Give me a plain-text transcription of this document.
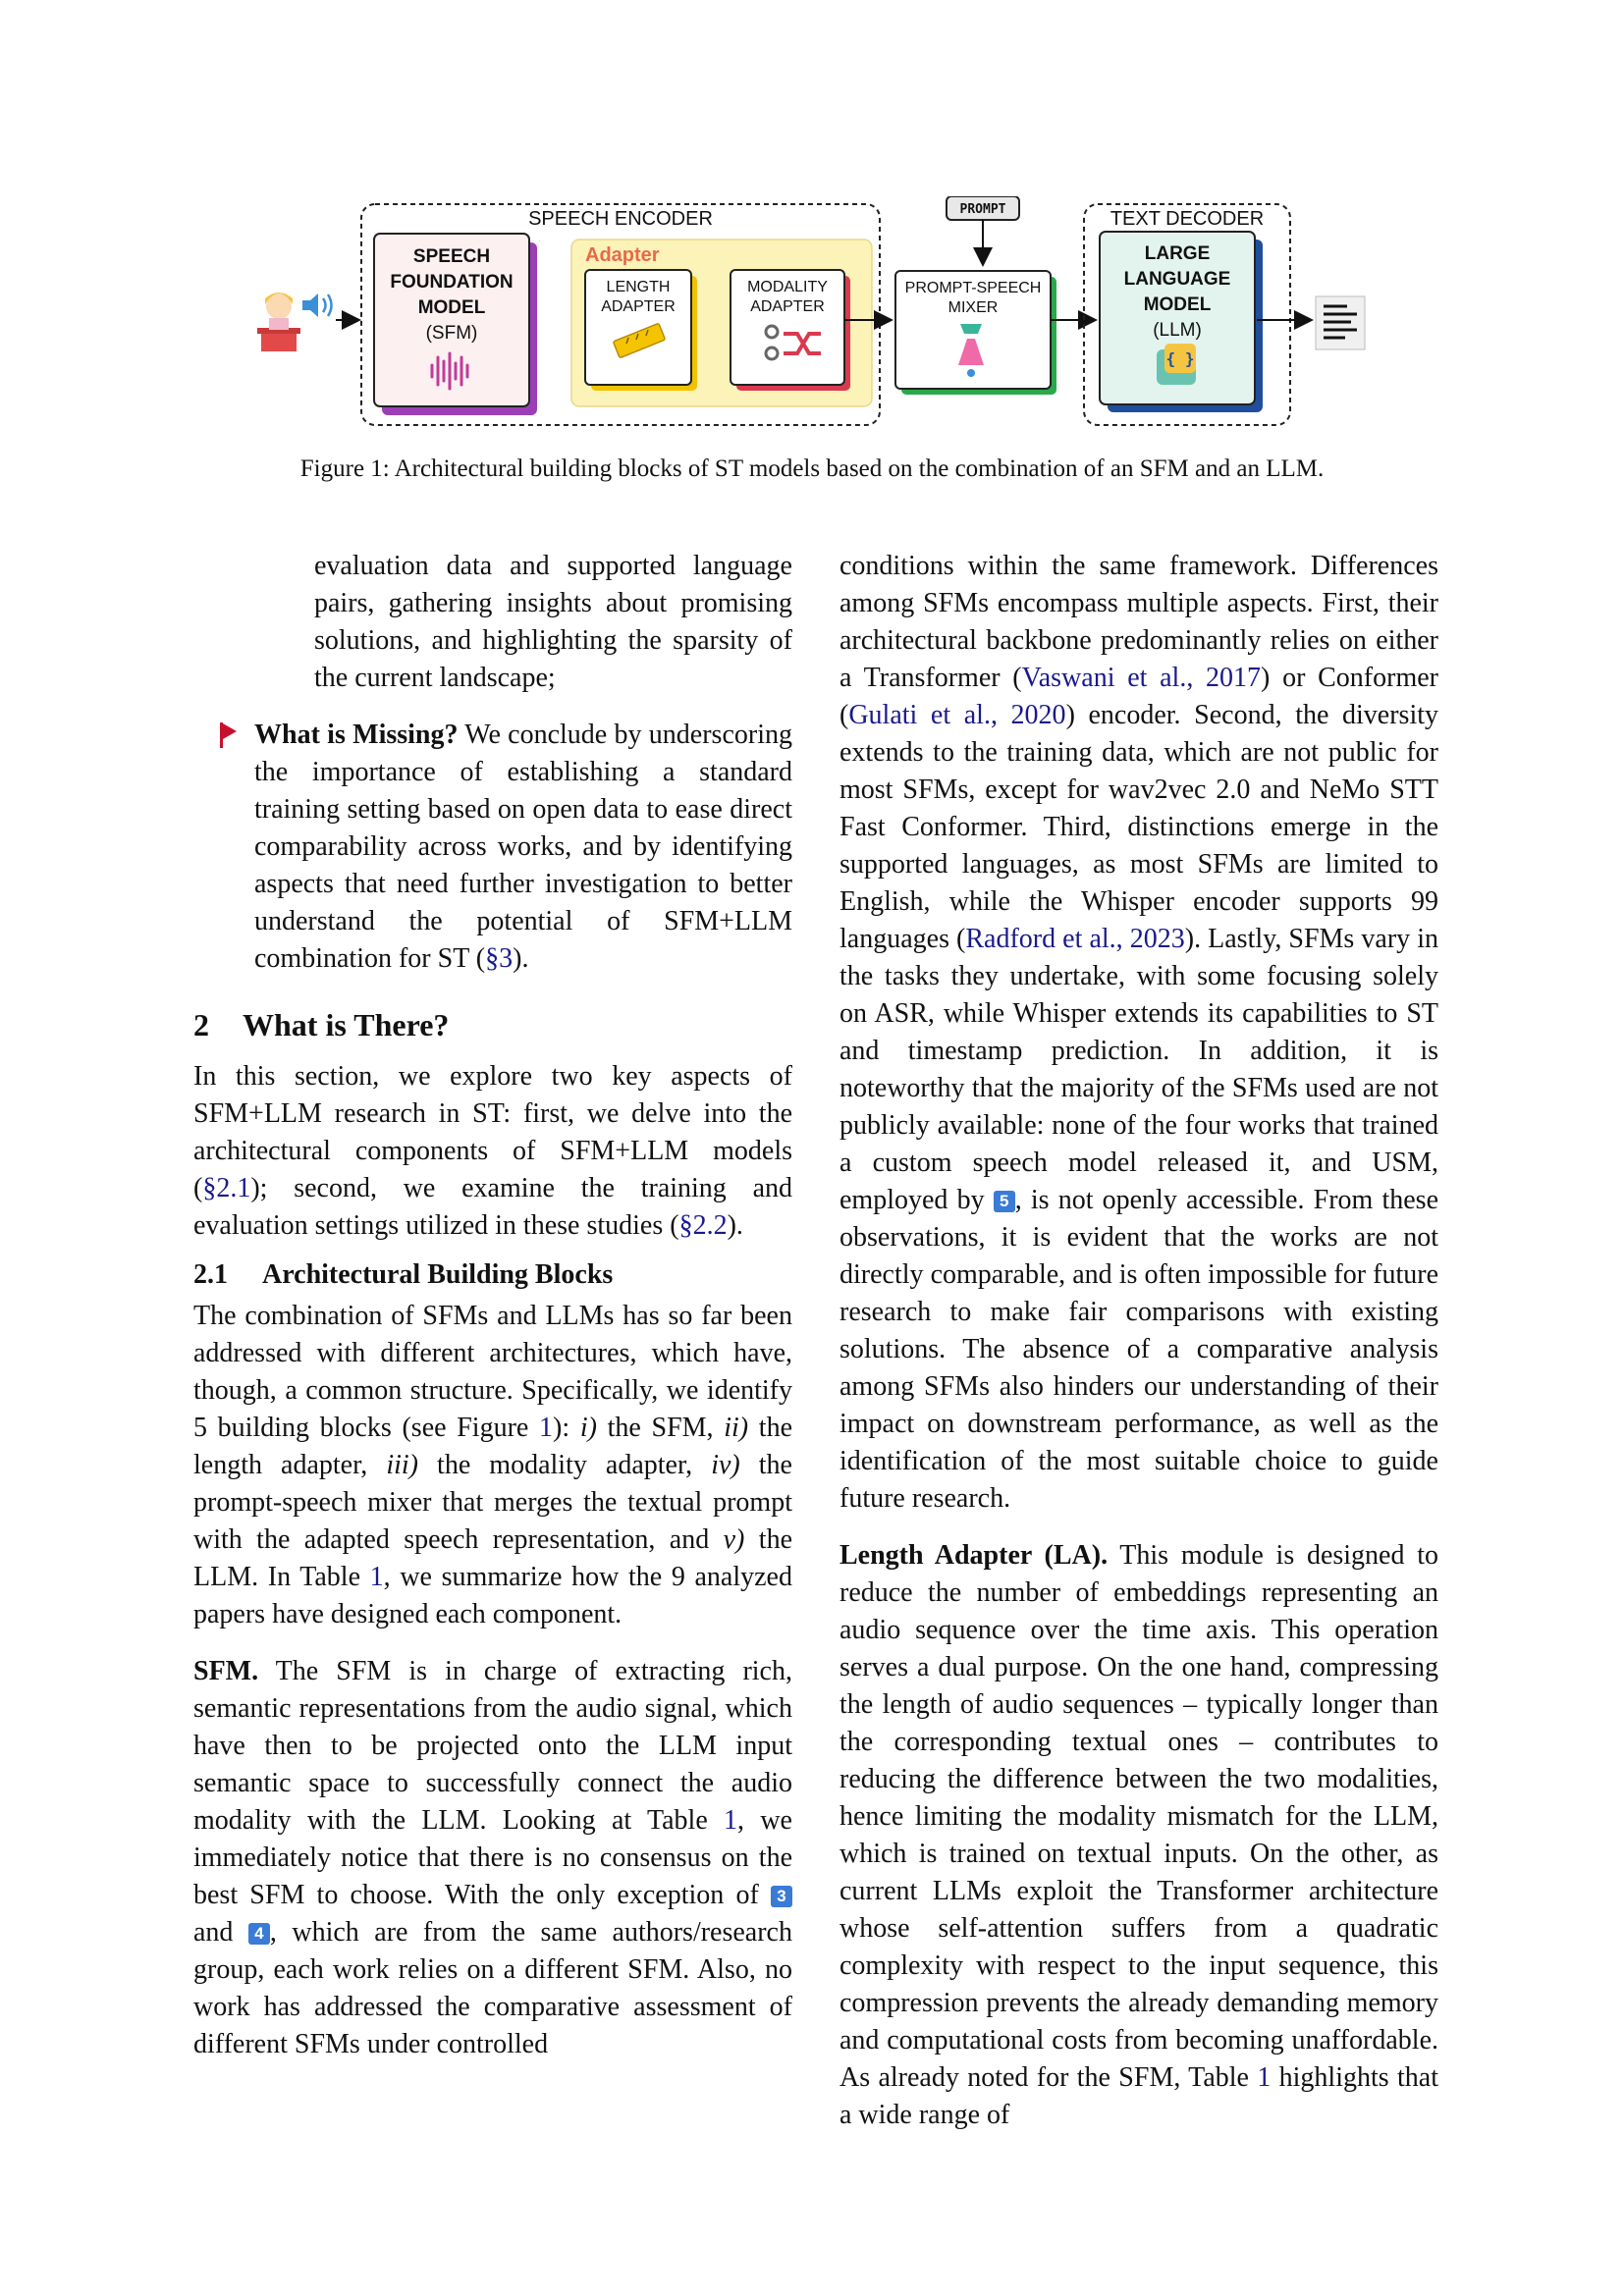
SPEECH ENCODER
SPEECH
FOUNDATION
MODEL
(SFM)
Adapter
LENGTH
ADAPTER
MODALITY
ADAPTER
PROMPT
PROMPT-SPEECH
MIXER
TEXT DECODER
LARGE
LANGUAGE
MODEL
(LLM)
{ }
Figure 1: Architectural building blocks of ST models based on the combination of an SFM and an LLM.

evaluation data and supported language pairs, gathering insights about promising solutions, and highlighting the sparsity of the current landscape;

What is Missing? We conclude by underscoring the importance of establishing a standard training setting based on open data to ease direct comparability across works, and by identifying aspects that need further investigation to better understand the potential of SFM+LLM combination for ST (§3).

2 What is There?

In this section, we explore two key aspects of SFM+LLM research in ST: first, we delve into the architectural components of SFM+LLM models (§2.1); second, we examine the training and evaluation settings utilized in these studies (§2.2).

2.1 Architectural Building Blocks

The combination of SFMs and LLMs has so far been addressed with different architectures, which have, though, a common structure. Specifically, we identify 5 building blocks (see Figure 1): i) the SFM, ii) the length adapter, iii) the modality adapter, iv) the prompt-speech mixer that merges the textual prompt with the adapted speech representation, and v) the LLM. In Table 1, we summarize how the 9 analyzed papers have designed each component.

SFM. The SFM is in charge of extracting rich, semantic representations from the audio signal, which have then to be projected onto the LLM input semantic space to successfully connect the audio modality with the LLM. Looking at Table 1, we immediately notice that there is no consensus on the best SFM to choose. With the only exception of 3 and 4 , which are from the same authors/research group, each work relies on a different SFM. Also, no work has addressed the comparative assessment of different SFMs under controlled

conditions within the same framework. Differences among SFMs encompass multiple aspects. First, their architectural backbone predominantly relies on either a Transformer (Vaswani et al., 2017) or Conformer (Gulati et al., 2020) encoder. Second, the diversity extends to the training data, which are not public for most SFMs, except for wav2vec 2.0 and NeMo STT Fast Conformer. Third, distinctions emerge in the supported languages, as most SFMs are limited to English, while the Whisper encoder supports 99 languages (Radford et al., 2023). Lastly, SFMs vary in the tasks they undertake, with some focusing solely on ASR, while Whisper extends its capabilities to ST and timestamp prediction. In addition, it is noteworthy that the majority of the SFMs used are not publicly available: none of the four works that trained a custom speech model released it, and USM, employed by 5 , is not openly accessible. From these observations, it is evident that the works are not directly comparable, and is often impossible for future research to make fair comparisons with existing solutions. The absence of a comparative analysis among SFMs also hinders our understanding of their impact on downstream performance, as well as the identification of the most suitable choice to guide future research.

Length Adapter (LA). This module is designed to reduce the number of embeddings representing an audio sequence over the time axis. This operation serves a dual purpose. On the one hand, compressing the length of audio sequences – typically longer than the corresponding textual ones – contributes to reducing the difference between the two modalities, hence limiting the modality mismatch for the LLM, which is trained on textual inputs. On the other, as current LLMs exploit the Transformer architecture whose self-attention suffers from a quadratic complexity with respect to the input sequence, this compression prevents the already demanding memory and computational costs from becoming unaffordable. As already noted for the SFM, Table 1 highlights that a wide range of
